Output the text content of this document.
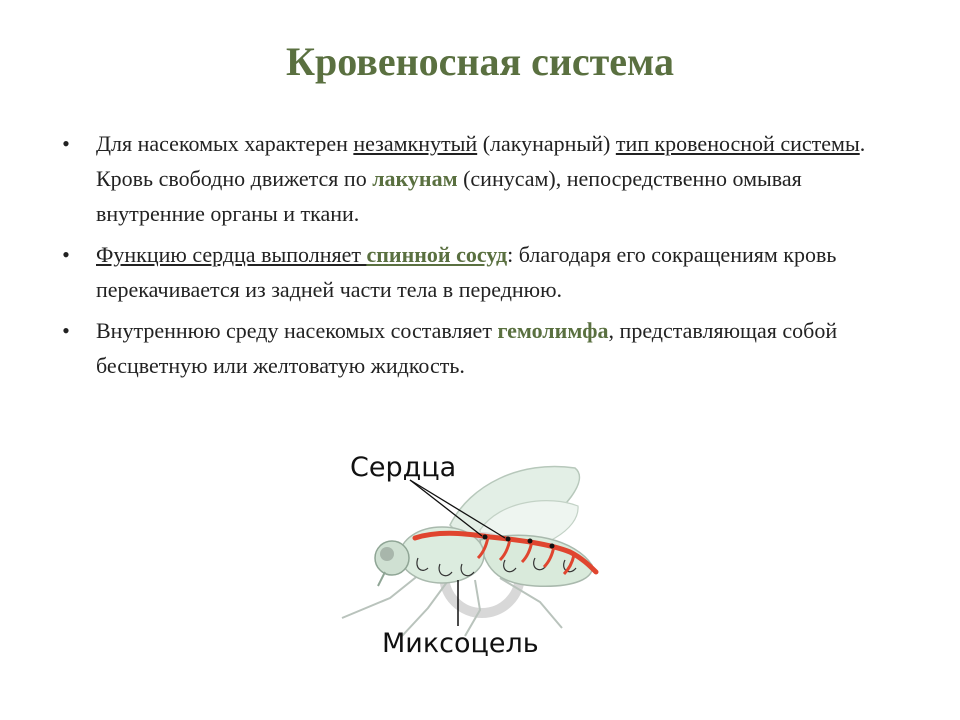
Кровеносная система
• Для насекомых характерен незамкнутый (лакунарный) тип кровеносной системы. Кровь свободно движется по лакунам (синусам), непосредственно омывая внутренние органы и ткани.
• Функцию сердца выполняет спинной сосуд: благодаря его сокращениям кровь перекачивается из задней части тела в переднюю.
• Внутреннюю среду насекомых составляет гемолимфа, представляющая собой бесцветную или желтоватую жидкость.
Сердца
Миксоцель
